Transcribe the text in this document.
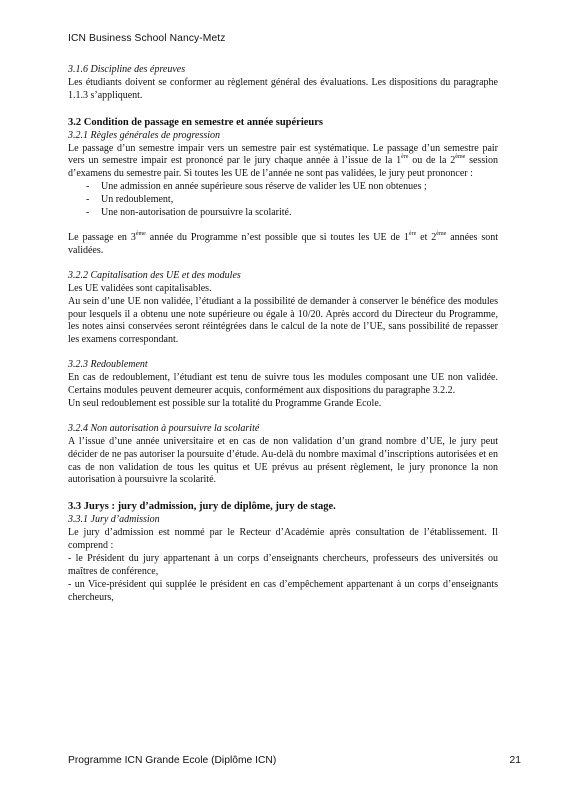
ICN Business School Nancy-Metz

3.1.6 Discipline des épreuves

Les étudiants doivent se conformer au règlement général des évaluations. Les dispositions du paragraphe 1.1.3 s’appliquent.

3.2 Condition de passage en semestre et année supérieurs

3.2.1 Règles générales de progression

Le passage d’un semestre impair vers un semestre pair est systématique. Le passage d’un semestre pair vers un semestre impair est prononcé par le jury chaque année à l’issue de la 1ère ou de la 2ème session d’examens du semestre pair. Si toutes les UE de l’année ne sont pas validées, le jury peut prononcer :

- Une admission en année supérieure sous réserve de valider les UE non obtenues ;
- Un redoublement,
- Une non-autorisation de poursuivre la scolarité.

Le passage en 3ème année du Programme n’est possible que si toutes les UE de 1ère et 2ème années sont validées.

3.2.2 Capitalisation des UE et des modules

Les UE validées sont capitalisables.

Au sein d’une UE non validée, l’étudiant a la possibilité de demander à conserver le bénéfice des modules pour lesquels il a obtenu une note supérieure ou égale à 10/20. Après accord du Directeur du Programme, les notes ainsi conservées seront réintégrées dans le calcul de la note de l’UE, sans possibilité de repasser les examens correspondant.

3.2.3 Redoublement

En cas de redoublement, l’étudiant est tenu de suivre tous les modules composant une UE non validée. Certains modules peuvent demeurer acquis, conformément aux dispositions du paragraphe 3.2.2.

Un seul redoublement est possible sur la totalité du Programme Grande Ecole.

3.2.4 Non autorisation à poursuivre la scolarité

A l’issue d’une année universitaire et en cas de non validation d’un grand nombre d’UE, le jury peut décider de ne pas autoriser la poursuite d’étude. Au-delà du nombre maximal d’inscriptions autorisées et en cas de non validation de tous les quitus et UE prévus au présent règlement, le jury prononce la non autorisation à poursuivre la scolarité.

3.3 Jurys : jury d’admission, jury de diplôme, jury de stage.

3.3.1 Jury d’admission

Le jury d’admission est nommé par le Recteur d’Académie après consultation de l’établissement. Il comprend :

- le Président du jury appartenant à un corps d’enseignants chercheurs, professeurs des universités ou maîtres de conférence,

- un Vice-président qui supplée le président en cas d’empêchement appartenant à un corps d’enseignants chercheurs,

Programme ICN Grande Ecole (Diplôme ICN)	21
